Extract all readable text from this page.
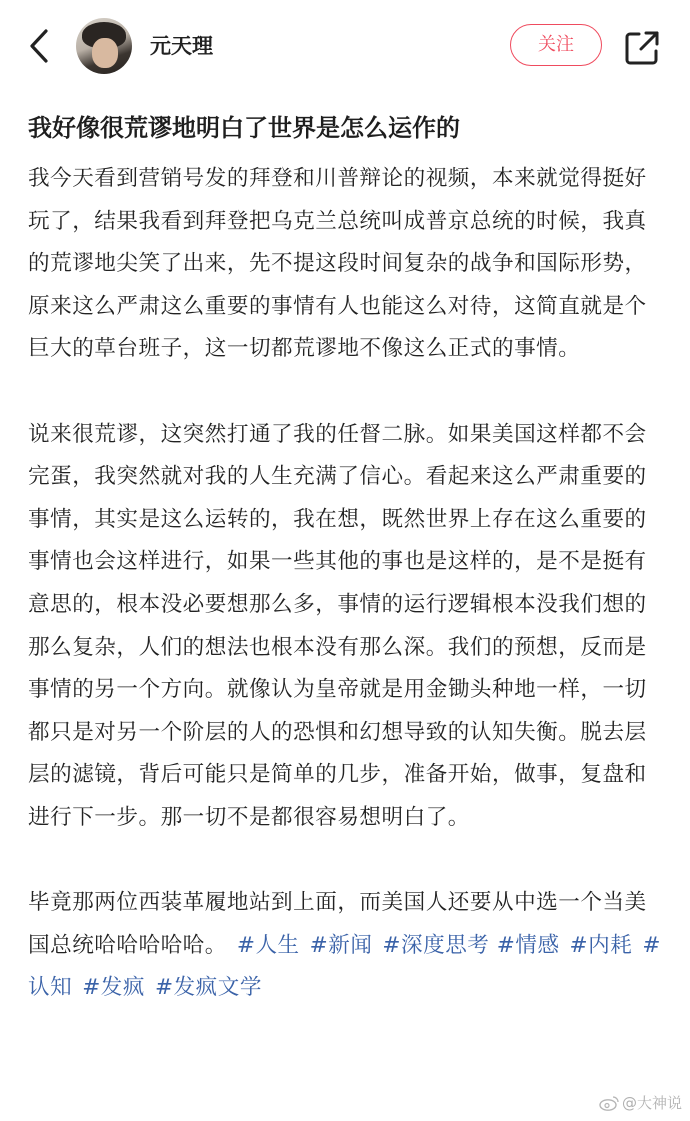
元天理	关注
我好像很荒谬地明白了世界是怎么运作的

我今天看到营销号发的拜登和川普辩论的视频，本来就觉得挺好玩了，结果我看到拜登把乌克兰总统叫成普京总统的时候，我真的荒谬地尖笑了出来，先不提这段时间复杂的战争和国际形势，原来这么严肃这么重要的事情有人也能这么对待，这简直就是个巨大的草台班子，这一切都荒谬地不像这么正式的事情。

说来很荒谬，这突然打通了我的任督二脉。如果美国这样都不会完蛋，我突然就对我的人生充满了信心。看起来这么严肃重要的事情，其实是这么运转的，我在想，既然世界上存在这么重要的事情也会这样进行，如果一些其他的事也是这样的，是不是挺有意思的，根本没必要想那么多，事情的运行逻辑根本没我们想的那么复杂，人们的想法也根本没有那么深。我们的预想，反而是事情的另一个方向。就像认为皇帝就是用金锄头种地一样，一切都只是对另一个阶层的人的恐惧和幻想导致的认知失衡。脱去层层的滤镜，背后可能只是简单的几步，准备开始，做事，复盘和进行下一步。那一切不是都很容易想明白了。

毕竟那两位西装革履地站到上面，而美国人还要从中选一个当美国总统哈哈哈哈哈。 #人生 #新闻 #深度思考 #情感 #内耗 #认知 #发疯 #发疯文学

@大神说
